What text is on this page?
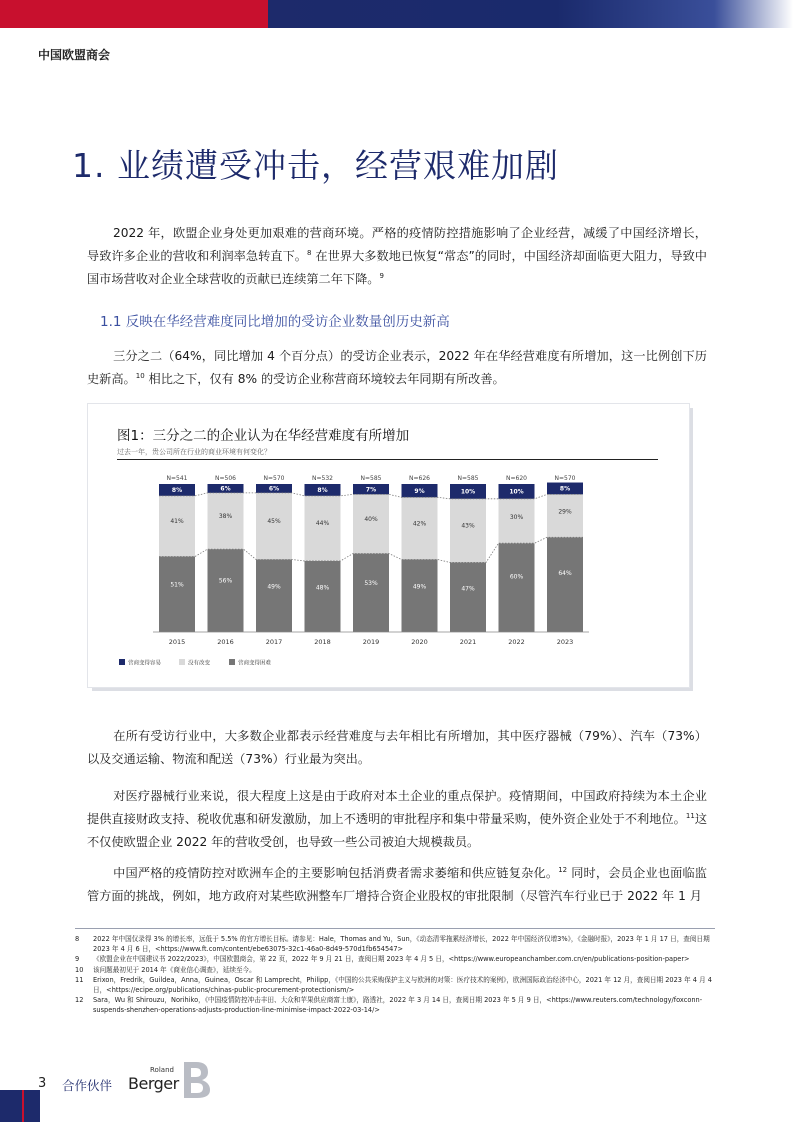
中国欧盟商会
1. 业绩遭受冲击，经营艰难加剧
2022 年，欧盟企业身处更加艰难的营商环境。严格的疫情防控措施影响了企业经营，减缓了中国经济增长，导致许多企业的营收和利润率急转直下。$^8$ 在世界大多数地已恢复“常态”的同时，中国经济却面临更大阻力，导致中国市场营收对企业全球营收的贡献已连续第二年下降。$^9$
1.1 反映在华经营难度同比增加的受访企业数量创历史新高
三分之二（64%，同比增加 4 个百分点）的受访企业表示，2022 年在华经营难度有所增加，这一比例创下历史新高。$^{10}$ 相比之下，仅有 8% 的受访企业称营商环境较去年同期有所改善。
图1：三分之二的企业认为在华经营难度有所增加
过去一年，贵公司所在行业的商业环境有何变化？
51%
41%
8%
N=541
2015
56%
38%
6%
N=506
2016
49%
45%
6%
N=570
2017
48%
44%
8%
N=532
2018
53%
40%
7%
N=585
2019
49%
42%
9%
N=626
2020
47%
43%
10%
N=585
2021
60%
30%
10%
N=620
2022
64%
29%
8%
N=570
2023
营商变得容易	没有改变	营商变得困难
在所有受访行业中，大多数企业都表示经营难度与去年相比有所增加，其中医疗器械（79%）、汽车（73%）以及交通运输、物流和配送（73%）行业最为突出。
对医疗器械行业来说，很大程度上这是由于政府对本土企业的重点保护。疫情期间，中国政府持续为本土企业提供直接财政支持、税收优惠和研发激励，加上不透明的审批程序和集中带量采购，使外资企业处于不利地位。$^{11}$这不仅使欧盟企业 2022 年的营收受创，也导致一些公司被迫大规模裁员。
中国严格的疫情防控对欧洲车企的主要影响包括消费者需求萎缩和供应链复杂化。$^{12}$ 同时，会员企业也面临监管方面的挑战，例如，地方政府对某些欧洲整车厂增持合资企业股权的审批限制（尽管汽车行业已于 2022 年 1 月
8	2022 年中国仅录得 3% 的增长率，远低于 5.5% 的官方增长目标。请参见：Hale，Thomas and Yu，Sun，《动态清零拖累经济增长，2022 年中国经济仅增3%》，《金融时报》，2023 年 1 月 17 日，查阅日期 2023 年 4 月 6 日，<https://www.ft.com/content/ebe63075-32c1-46a0-8d49-570d1fb654547>
9	《欧盟企业在中国建议书 2022/2023》，中国欧盟商会，第 22 页，2022 年 9 月 21 日，查阅日期 2023 年 4 月 5 日，<https://www.europeanchamber.com.cn/en/publications-position-paper>
10	该问题最初见于 2014 年《商业信心调查》，延续至今。
11	Erixon，Fredrik，Guildea，Anna，Guinea，Oscar 和 Lamprecht，Philipp，《中国的公共采购保护主义与欧洲的对策：医疗技术的案例》，欧洲国际政治经济中心，2021 年 12 月，查阅日期 2023 年 4 月 4 日，<https://ecipe.org/publications/chinas-public-procurement-protectionism/>
12	Sara，Wu 和 Shirouzu，Norihiko，《中国疫情防控冲击丰田、大众和苹果供应商富士康》，路透社，2022 年 3 月 14 日，查阅日期 2023 年 5 月 9 日，<https://www.reuters.com/technology/foxconn-suspends-shenzhen-operations-adjusts-production-line-minimise-impact-2022-03-14/>
3 合作伙伴
Roland
Berger
